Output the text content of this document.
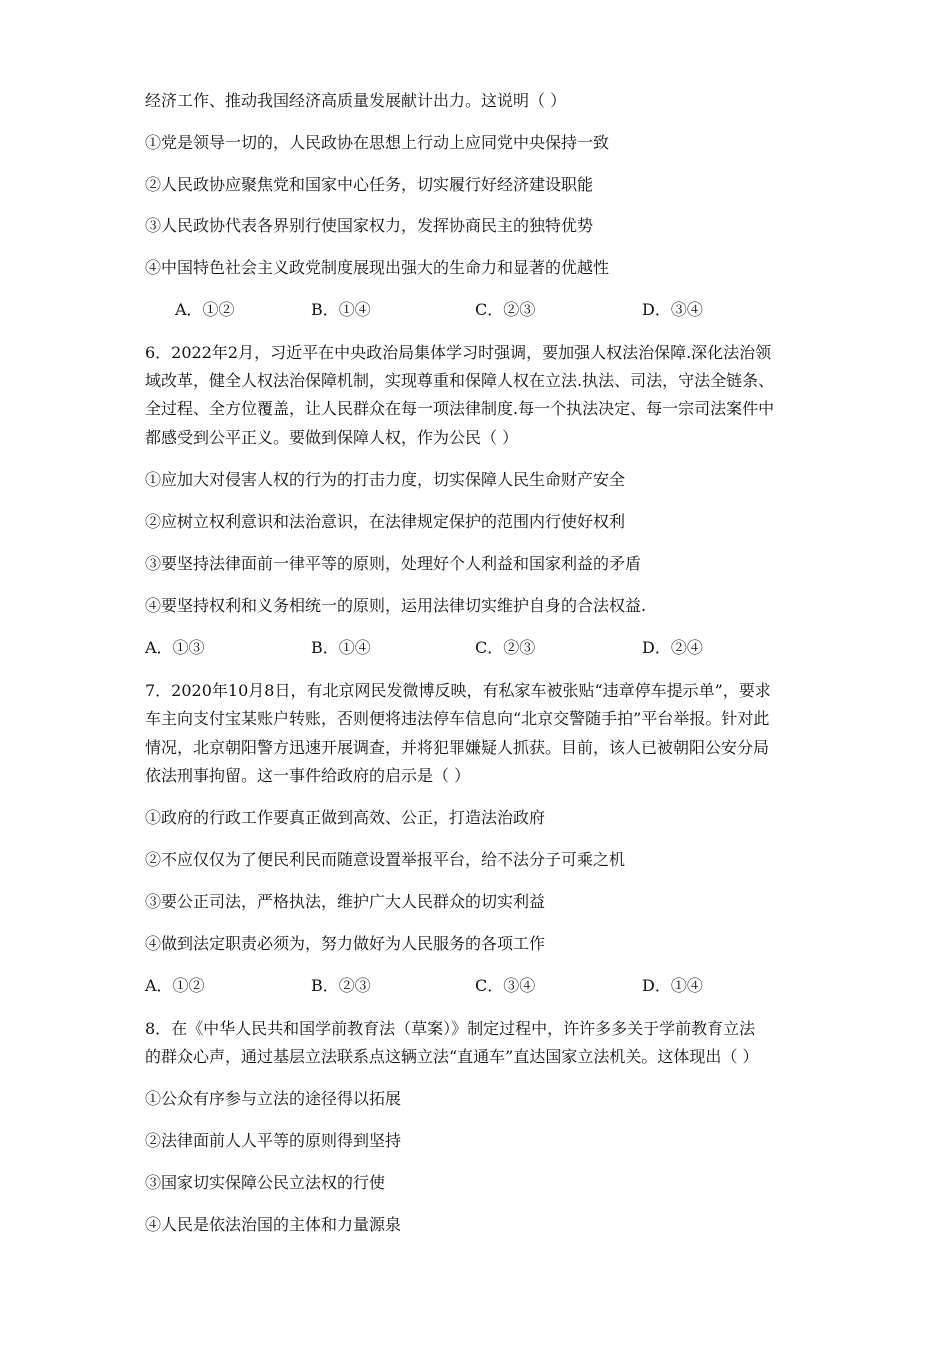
经济工作、推动我国经济高质量发展献计出力。这说明（ ）
①党是领导一切的，人民政协在思想上行动上应同党中央保持一致
②人民政协应聚焦党和国家中心任务，切实履行好经济建设职能
③人民政协代表各界别行使国家权力，发挥协商民主的独特优势
④中国特色社会主义政党制度展现出强大的生命力和显著的优越性
A．①②	B．①④	C．②③	D．③④
6．2022年2月，习近平在中央政治局集体学习时强调，要加强人权法治保障.深化法治领
域改革，健全人权法治保障机制，实现尊重和保障人权在立法.执法、司法，守法全链条、
全过程、全方位覆盖，让人民群众在每一项法律制度.每一个执法决定、每一宗司法案件中
都感受到公平正义。要做到保障人权，作为公民（ ）
①应加大对侵害人权的行为的打击力度，切实保障人民生命财产安全
②应树立权利意识和法治意识，在法律规定保护的范围内行使好权利
③要坚持法律面前一律平等的原则，处理好个人利益和国家利益的矛盾
④要坚持权利和义务相统一的原则，运用法律切实维护自身的合法权益.
A．①③	B．①④	C．②③	D．②④
7．2020年10月8日，有北京网民发微博反映，有私家车被张贴“违章停车提示单”，要求
车主向支付宝某账户转账，否则便将违法停车信息向“北京交警随手拍”平台举报。针对此
情况，北京朝阳警方迅速开展调查，并将犯罪嫌疑人抓获。目前，该人已被朝阳公安分局
依法刑事拘留。这一事件给政府的启示是（ ）
①政府的行政工作要真正做到高效、公正，打造法治政府
②不应仅仅为了便民利民而随意设置举报平台，给不法分子可乘之机
③要公正司法，严格执法，维护广大人民群众的切实利益
④做到法定职责必须为，努力做好为人民服务的各项工作
A．①②	B．②③	C．③④	D．①④
8．在《中华人民共和国学前教育法（草案）》制定过程中，许许多多关于学前教育立法
的群众心声，通过基层立法联系点这辆立法“直通车”直达国家立法机关。这体现出（ ）
①公众有序参与立法的途径得以拓展
②法律面前人人平等的原则得到坚持
③国家切实保障公民立法权的行使
④人民是依法治国的主体和力量源泉
